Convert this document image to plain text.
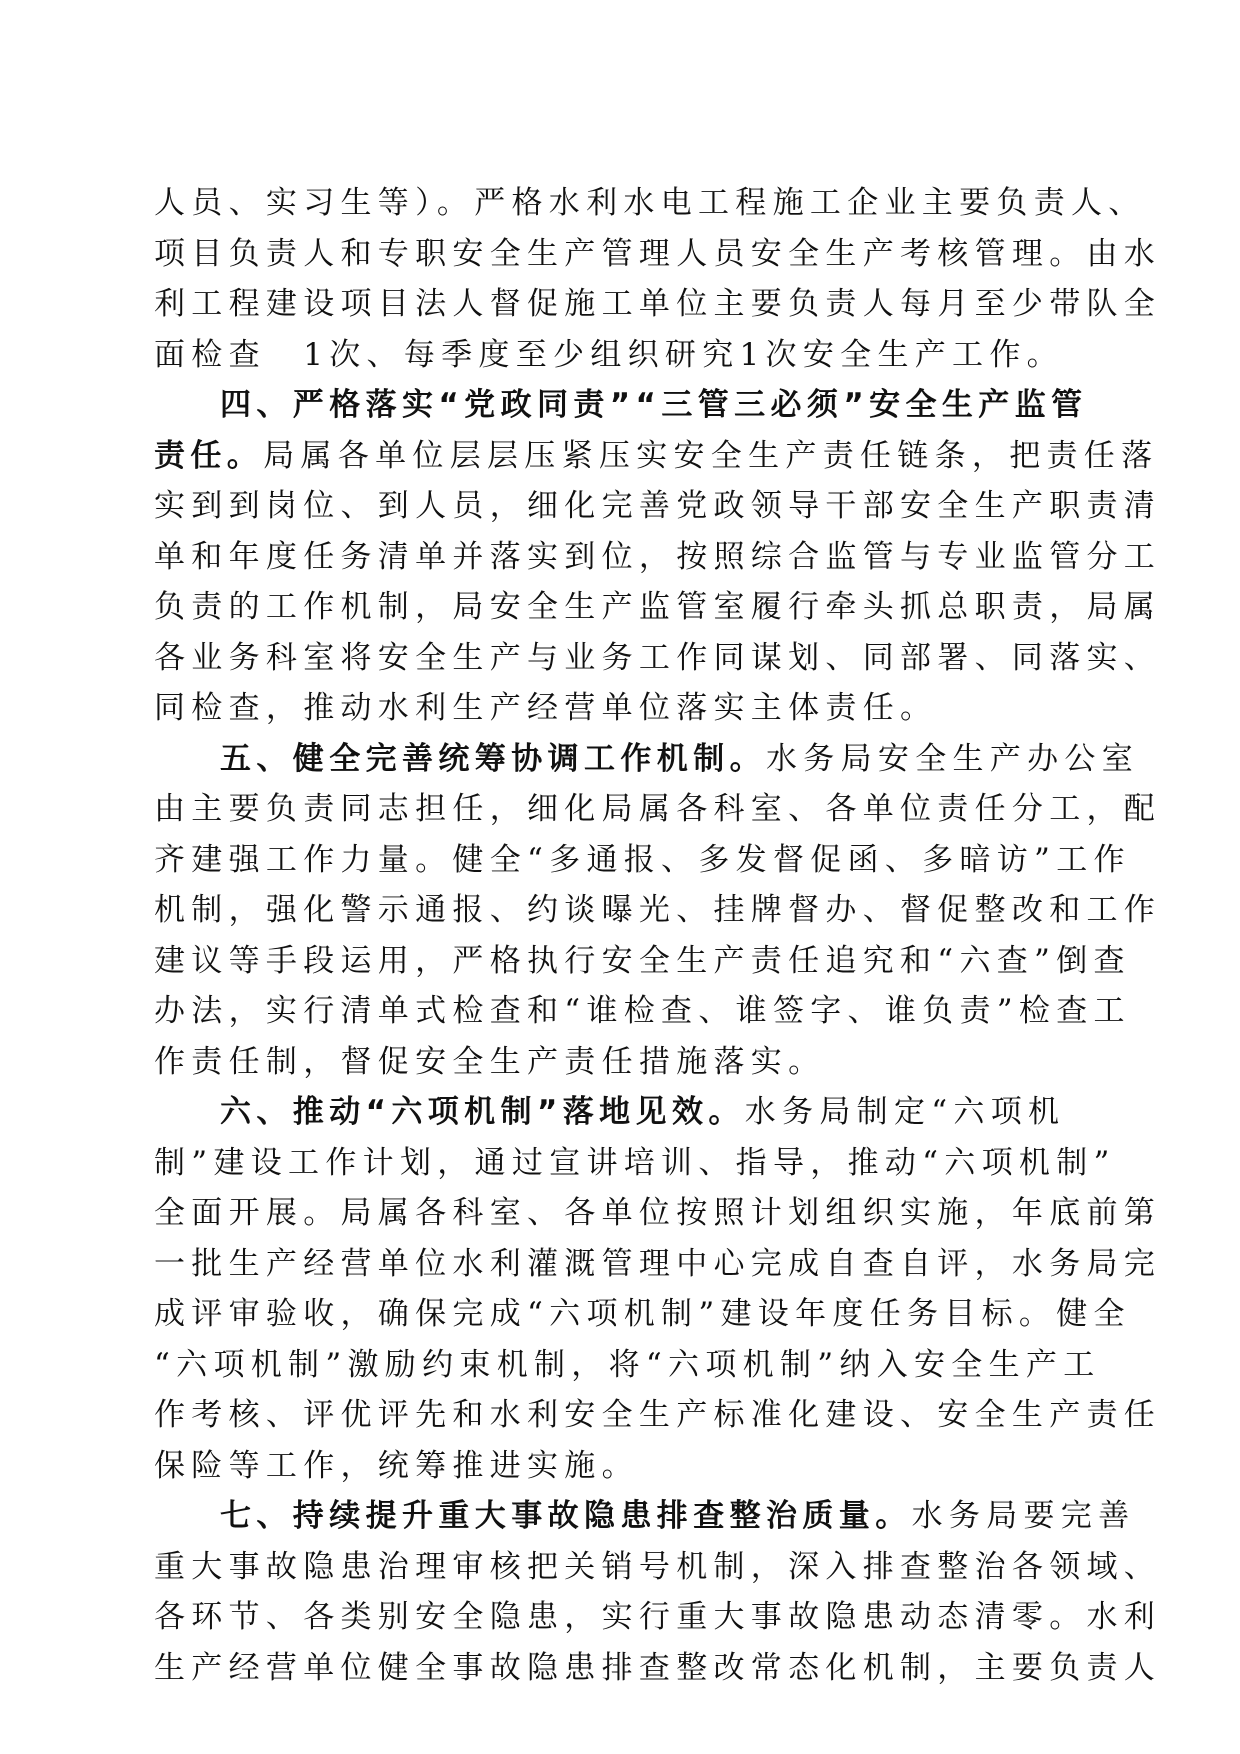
人员、实习生等）。严格水利水电工程施工企业主要负责人、
项目负责人和专职安全生产管理人员安全生产考核管理。由水
利工程建设项目法人督促施工单位主要负责人每月至少带队全
面检查　1次、每季度至少组织研究1次安全生产工作。
四、严格落实“党政同责”“三管三必须”安全生产监管
责任。局属各单位层层压紧压实安全生产责任链条，把责任落
实到到岗位、到人员，细化完善党政领导干部安全生产职责清
单和年度任务清单并落实到位，按照综合监管与专业监管分工
负责的工作机制，局安全生产监管室履行牵头抓总职责，局属
各业务科室将安全生产与业务工作同谋划、同部署、同落实、
同检查，推动水利生产经营单位落实主体责任。
五、健全完善统筹协调工作机制。水务局安全生产办公室
由主要负责同志担任，细化局属各科室、各单位责任分工，配
齐建强工作力量。健全“多通报、多发督促函、多暗访”工作
机制，强化警示通报、约谈曝光、挂牌督办、督促整改和工作
建议等手段运用，严格执行安全生产责任追究和“六查”倒查
办法，实行清单式检查和“谁检查、谁签字、谁负责”检查工
作责任制，督促安全生产责任措施落实。
六、推动“六项机制”落地见效。水务局制定“六项机
制”建设工作计划，通过宣讲培训、指导，推动“六项机制”
全面开展。局属各科室、各单位按照计划组织实施，年底前第
一批生产经营单位水利灌溉管理中心完成自查自评，水务局完
成评审验收，确保完成“六项机制”建设年度任务目标。健全
“六项机制”激励约束机制，将“六项机制”纳入安全生产工
作考核、评优评先和水利安全生产标准化建设、安全生产责任
保险等工作，统筹推进实施。
七、持续提升重大事故隐患排查整治质量。水务局要完善
重大事故隐患治理审核把关销号机制，深入排查整治各领域、
各环节、各类别安全隐患，实行重大事故隐患动态清零。水利
生产经营单位健全事故隐患排查整改常态化机制，主要负责人
